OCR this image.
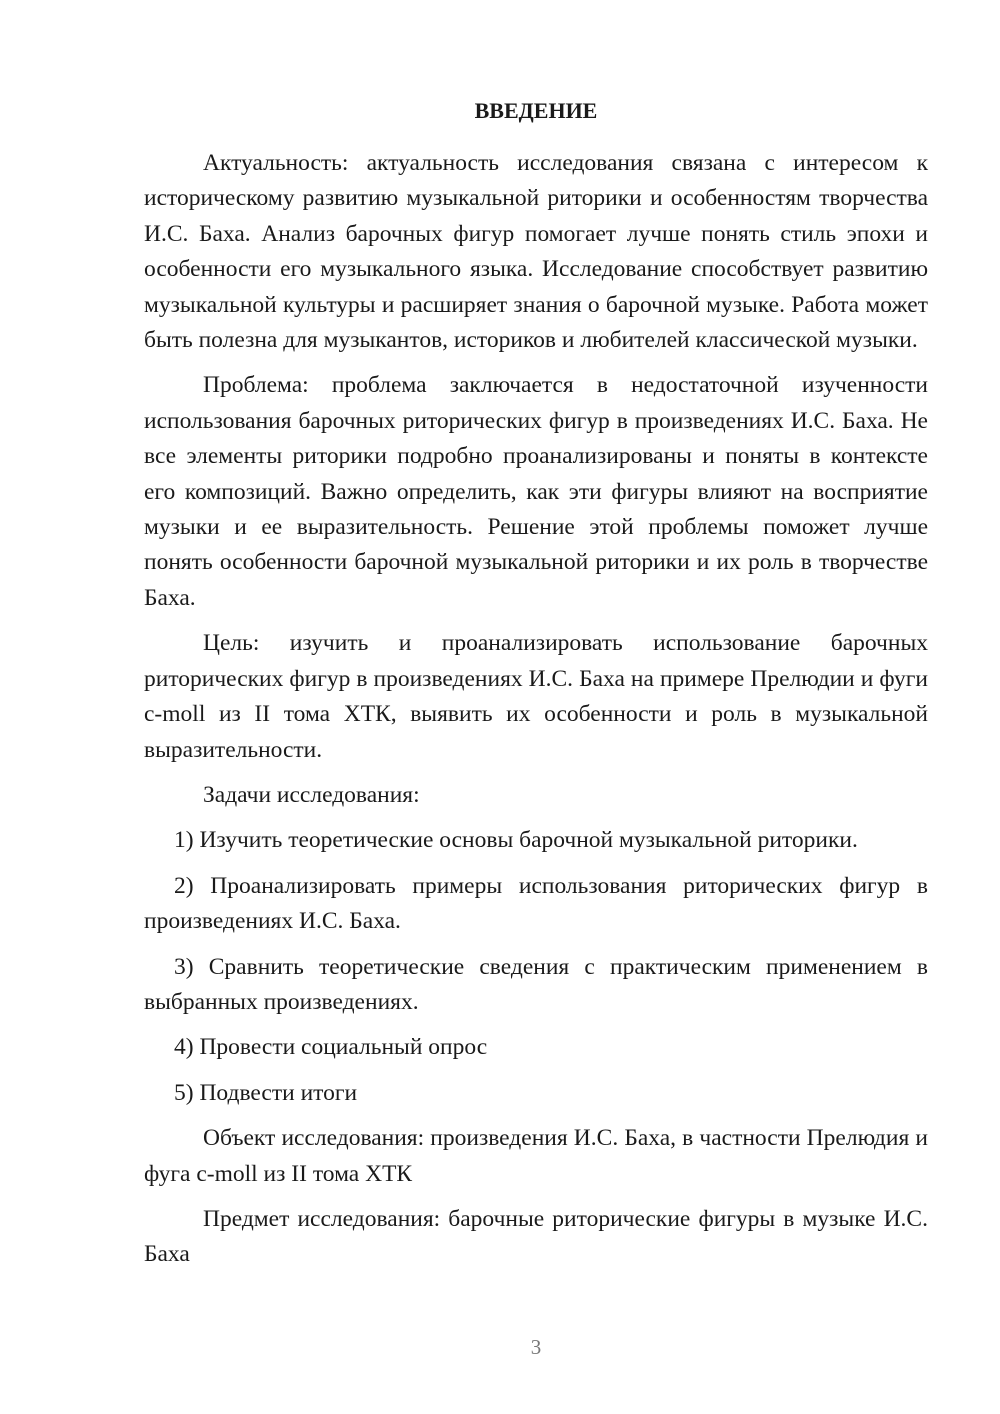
ВВЕДЕНИЕ

Актуальность: актуальность исследования связана с интересом к историческому развитию музыкальной риторики и особенностям творчества И.С. Баха. Анализ барочных фигур помогает лучше понять стиль эпохи и особенности его музыкального языка. Исследование способствует развитию музыкальной культуры и расширяет знания о барочной музыке. Работа может быть полезна для музыкантов, историков и любителей классической музыки.

Проблема: проблема заключается в недостаточной изученности использования барочных риторических фигур в произведениях И.С. Баха. Не все элементы риторики подробно проанализированы и поняты в контексте его композиций. Важно определить, как эти фигуры влияют на восприятие музыки и ее выразительность. Решение этой проблемы поможет лучше понять особенности барочной музыкальной риторики и их роль в творчестве Баха.

Цель: изучить и проанализировать использование барочных риторических фигур в произведениях И.С. Баха на примере Прелюдии и фуги c-moll из II тома ХТК, выявить их особенности и роль в музыкальной выразительности.

Задачи исследования:

1) Изучить теоретические основы барочной музыкальной риторики.

2) Проанализировать примеры использования риторических фигур в произведениях И.С. Баха.

3) Сравнить теоретические сведения с практическим применением в выбранных произведениях.

4) Провести социальный опрос

5) Подвести итоги

Объект исследования: произведения И.С. Баха, в частности Прелюдия и фуга c-moll из II тома ХТК

Предмет исследования: барочные риторические фигуры в музыке И.С. Баха

3
